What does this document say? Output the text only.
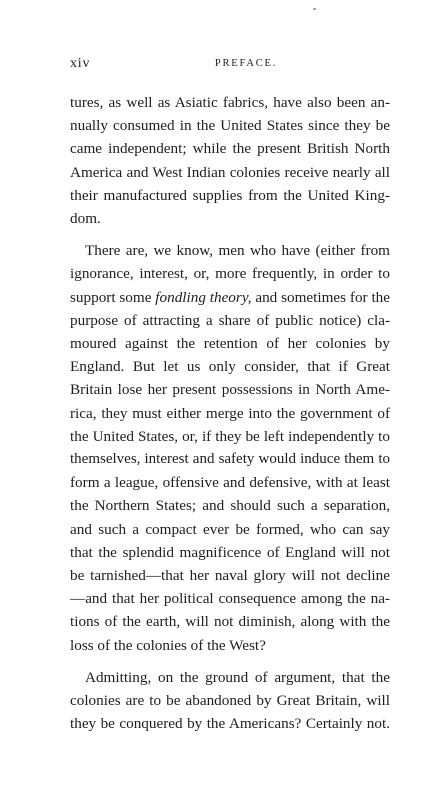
xiv	PREFACE.

tures, as well as Asiatic fabrics, have also been an-
nually consumed in the United States since they be
came independent; while the present British North
America and West Indian colonies receive nearly all
their manufactured supplies from the United King-
dom.

There are, we know, men who have (either from
ignorance, interest, or, more frequently, in order to
support some fondling theory, and sometimes for the
purpose of attracting a share of public notice) cla-
moured against the retention of her colonies by
England. But let us only consider, that if Great
Britain lose her present possessions in North Ame-
rica, they must either merge into the government of
the United States, or, if they be left independently to
themselves, interest and safety would induce them to
form a league, offensive and defensive, with at least
the Northern States; and should such a separation,
and such a compact ever be formed, who can say
that the splendid magnificence of England will not
be tarnished—that her naval glory will not decline
—and that her political consequence among the na-
tions of the earth, will not diminish, along with the
loss of the colonies of the West?

Admitting, on the ground of argument, that the
colonies are to be abandoned by Great Britain, will
they be conquered by the Americans? Certainly not.
